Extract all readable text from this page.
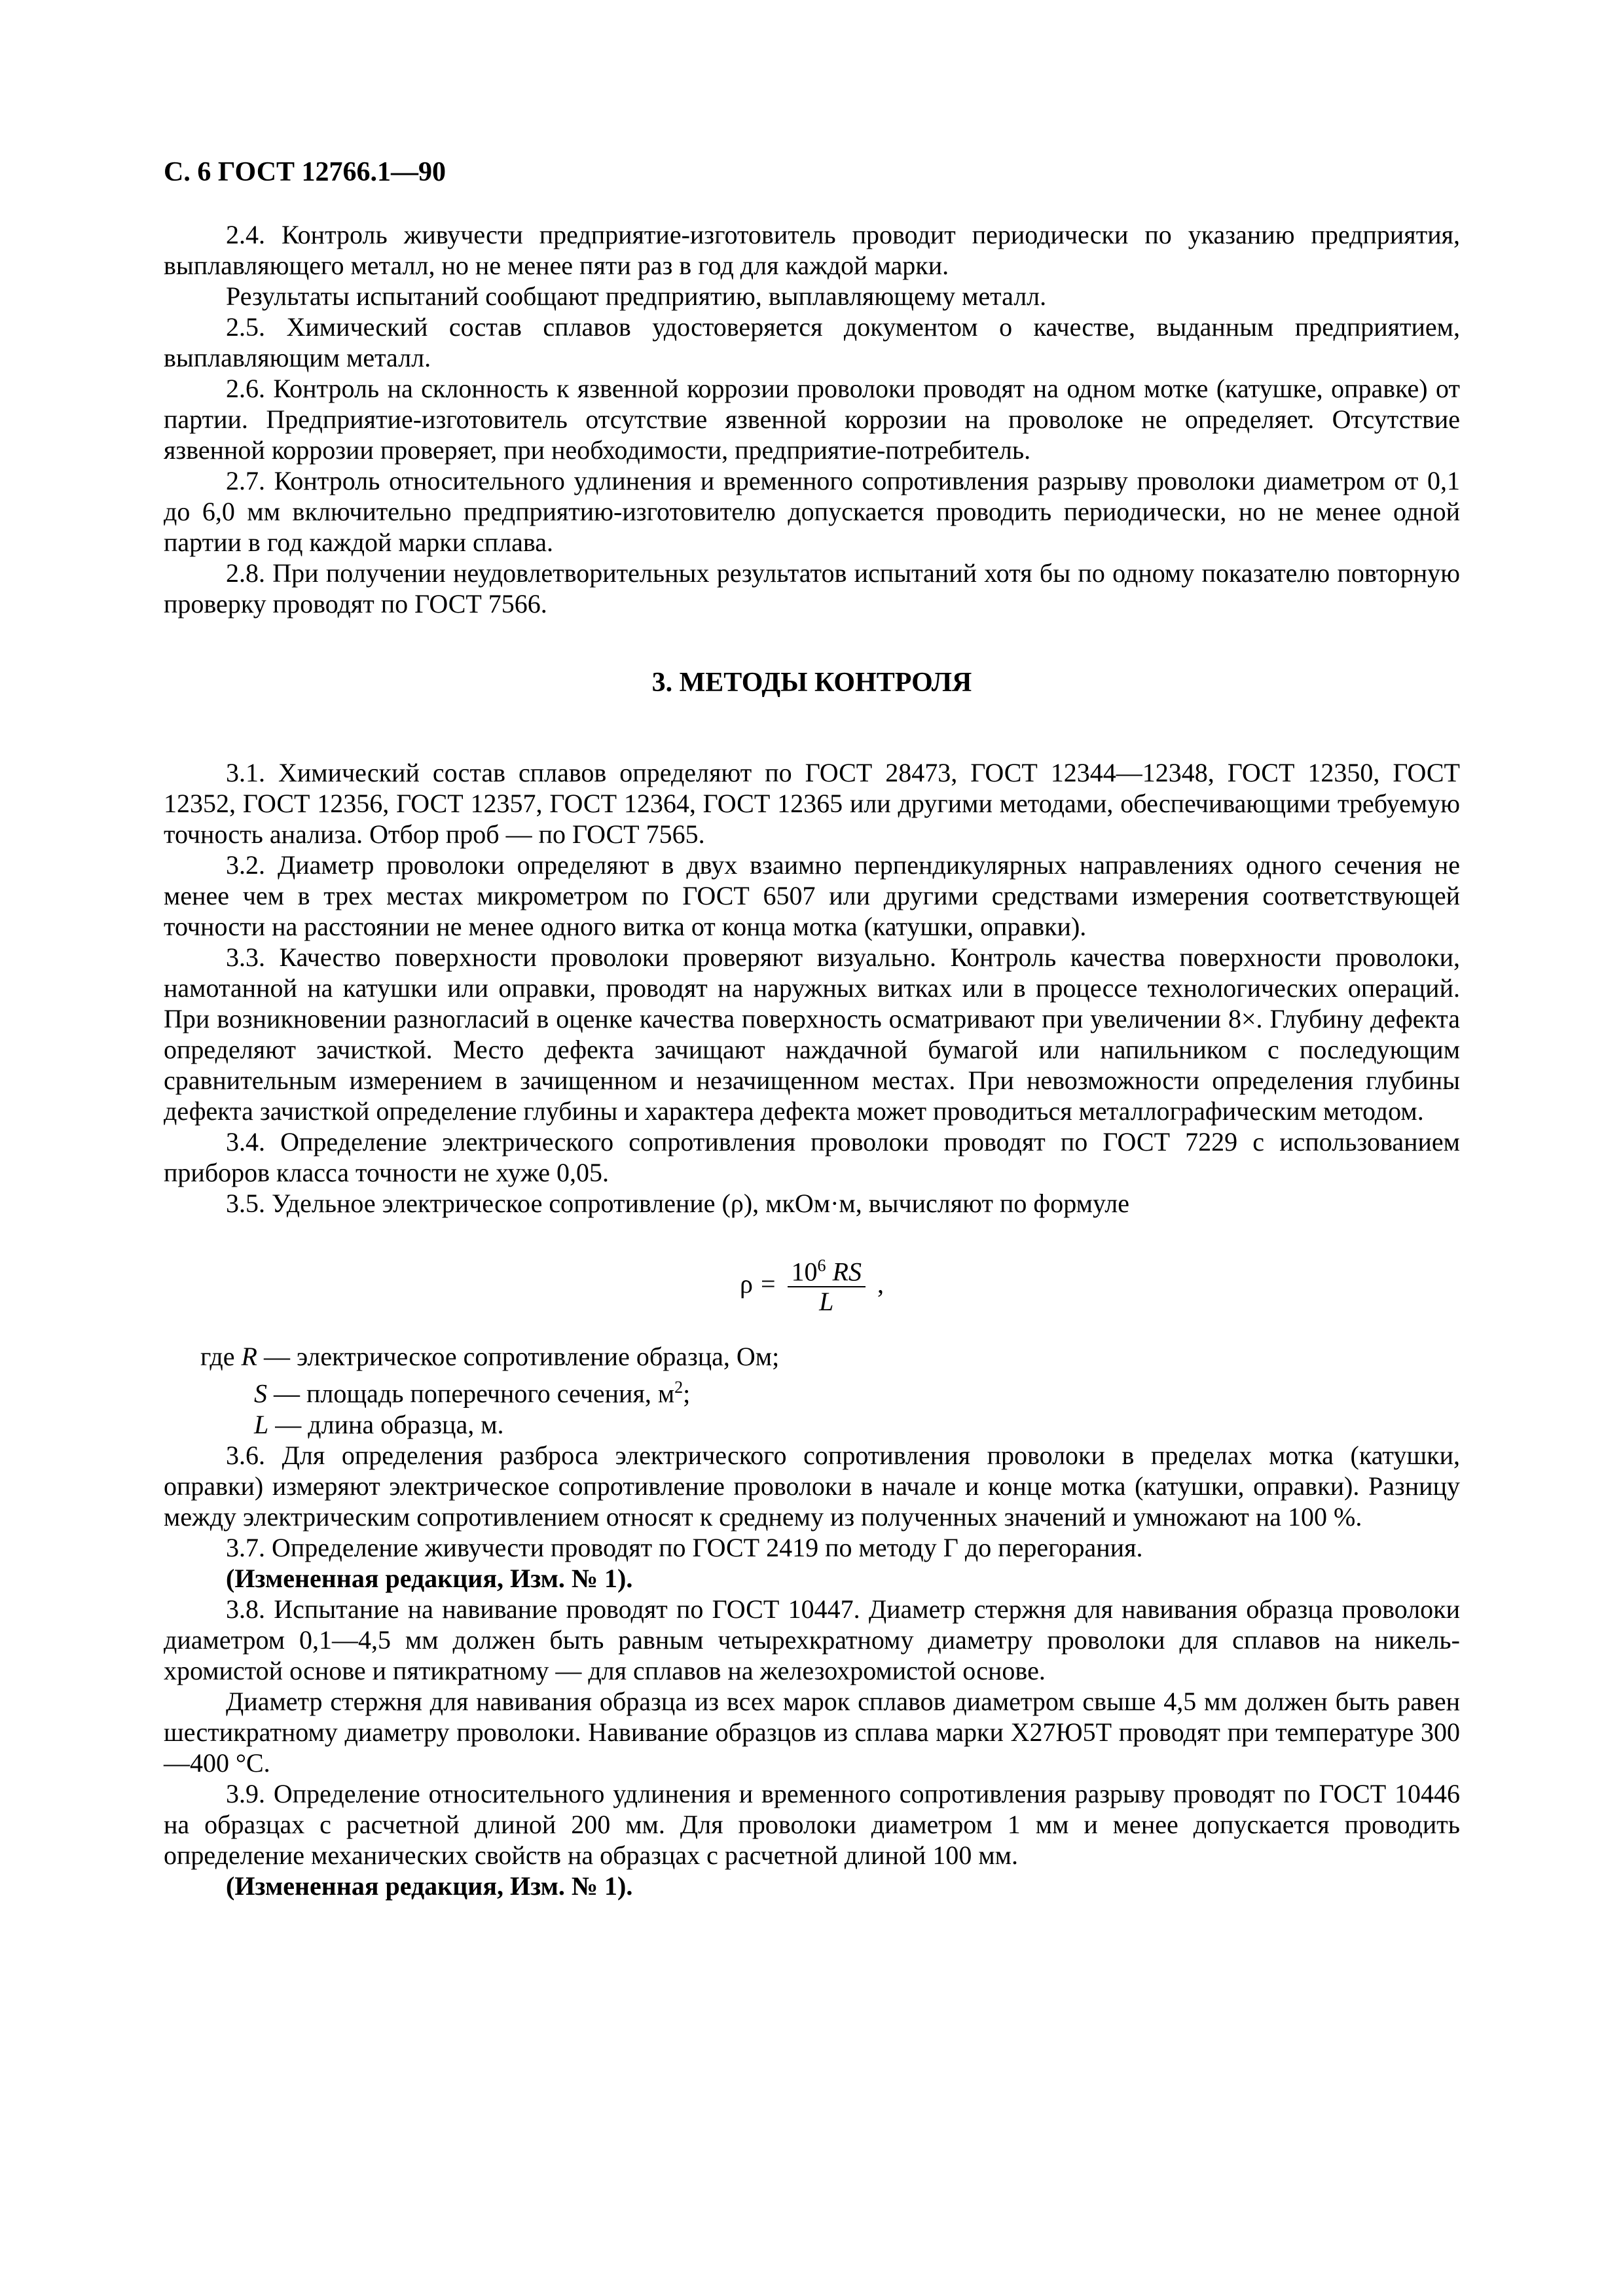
С. 6 ГОСТ 12766.1—90

2.4. Контроль живучести предприятие-изготовитель проводит периодически по указанию предприятия, выплавляющего металл, но не менее пяти раз в год для каждой марки.

Результаты испытаний сообщают предприятию, выплавляющему металл.

2.5. Химический состав сплавов удостоверяется документом о качестве, выданным предприятием, выплавляющим металл.

2.6. Контроль на склонность к язвенной коррозии проволоки проводят на одном мотке (катушке, оправке) от партии. Предприятие-изготовитель отсутствие язвенной коррозии на проволоке не определяет. Отсутствие язвенной коррозии проверяет, при необходимости, предприятие-потребитель.

2.7. Контроль относительного удлинения и временного сопротивления разрыву проволоки диаметром от 0,1 до 6,0 мм включительно предприятию-изготовителю допускается проводить периодически, но не менее одной партии в год каждой марки сплава.

2.8. При получении неудовлетворительных результатов испытаний хотя бы по одному показателю повторную проверку проводят по ГОСТ 7566.

3. МЕТОДЫ КОНТРОЛЯ

3.1. Химический состав сплавов определяют по ГОСТ 28473, ГОСТ 12344—12348, ГОСТ 12350, ГОСТ 12352, ГОСТ 12356, ГОСТ 12357, ГОСТ 12364, ГОСТ 12365 или другими методами, обеспечивающими требуемую точность анализа. Отбор проб — по ГОСТ 7565.

3.2. Диаметр проволоки определяют в двух взаимно перпендикулярных направлениях одного сечения не менее чем в трех местах микрометром по ГОСТ 6507 или другими средствами измерения соответствующей точности на расстоянии не менее одного витка от конца мотка (катушки, оправки).

3.3. Качество поверхности проволоки проверяют визуально. Контроль качества поверхности проволоки, намотанной на катушки или оправки, проводят на наружных витках или в процессе технологических операций. При возникновении разногласий в оценке качества поверхность осматривают при увеличении 8×. Глубину дефекта определяют зачисткой. Место дефекта зачищают наждачной бумагой или напильником с последующим сравнительным измерением в зачищенном и незачищенном местах. При невозможности определения глубины дефекта зачисткой определение глубины и характера дефекта может проводиться металлографическим методом.

3.4. Определение электрического сопротивления проволоки проводят по ГОСТ 7229 с использованием приборов класса точности не хуже 0,05.

3.5. Удельное электрическое сопротивление (ρ), мкОм·м, вычисляют по формуле

$\rho = \frac{10^6 RS}{L}$ ,

где R — электрическое сопротивление образца, Ом;

S — площадь поперечного сечения, $м^2$;

L — длина образца, м.

3.6. Для определения разброса электрического сопротивления проволоки в пределах мотка (катушки, оправки) измеряют электрическое сопротивление проволоки в начале и конце мотка (катушки, оправки). Разницу между электрическим сопротивлением относят к среднему из полученных значений и умножают на 100 %.

3.7. Определение живучести проводят по ГОСТ 2419 по методу Г до перегорания.

(Измененная редакция, Изм. № 1).

3.8. Испытание на навивание проводят по ГОСТ 10447. Диаметр стержня для навивания образца проволоки диаметром 0,1—4,5 мм должен быть равным четырехкратному диаметру проволоки для сплавов на никель-хромистой основе и пятикратному — для сплавов на железохромистой основе.

Диаметр стержня для навивания образца из всех марок сплавов диаметром свыше 4,5 мм должен быть равен шестикратному диаметру проволоки. Навивание образцов из сплава марки Х27Ю5Т проводят при температуре 300—400 °С.

3.9. Определение относительного удлинения и временного сопротивления разрыву проводят по ГОСТ 10446 на образцах с расчетной длиной 200 мм. Для проволоки диаметром 1 мм и менее допускается проводить определение механических свойств на образцах с расчетной длиной 100 мм.

(Измененная редакция, Изм. № 1).
